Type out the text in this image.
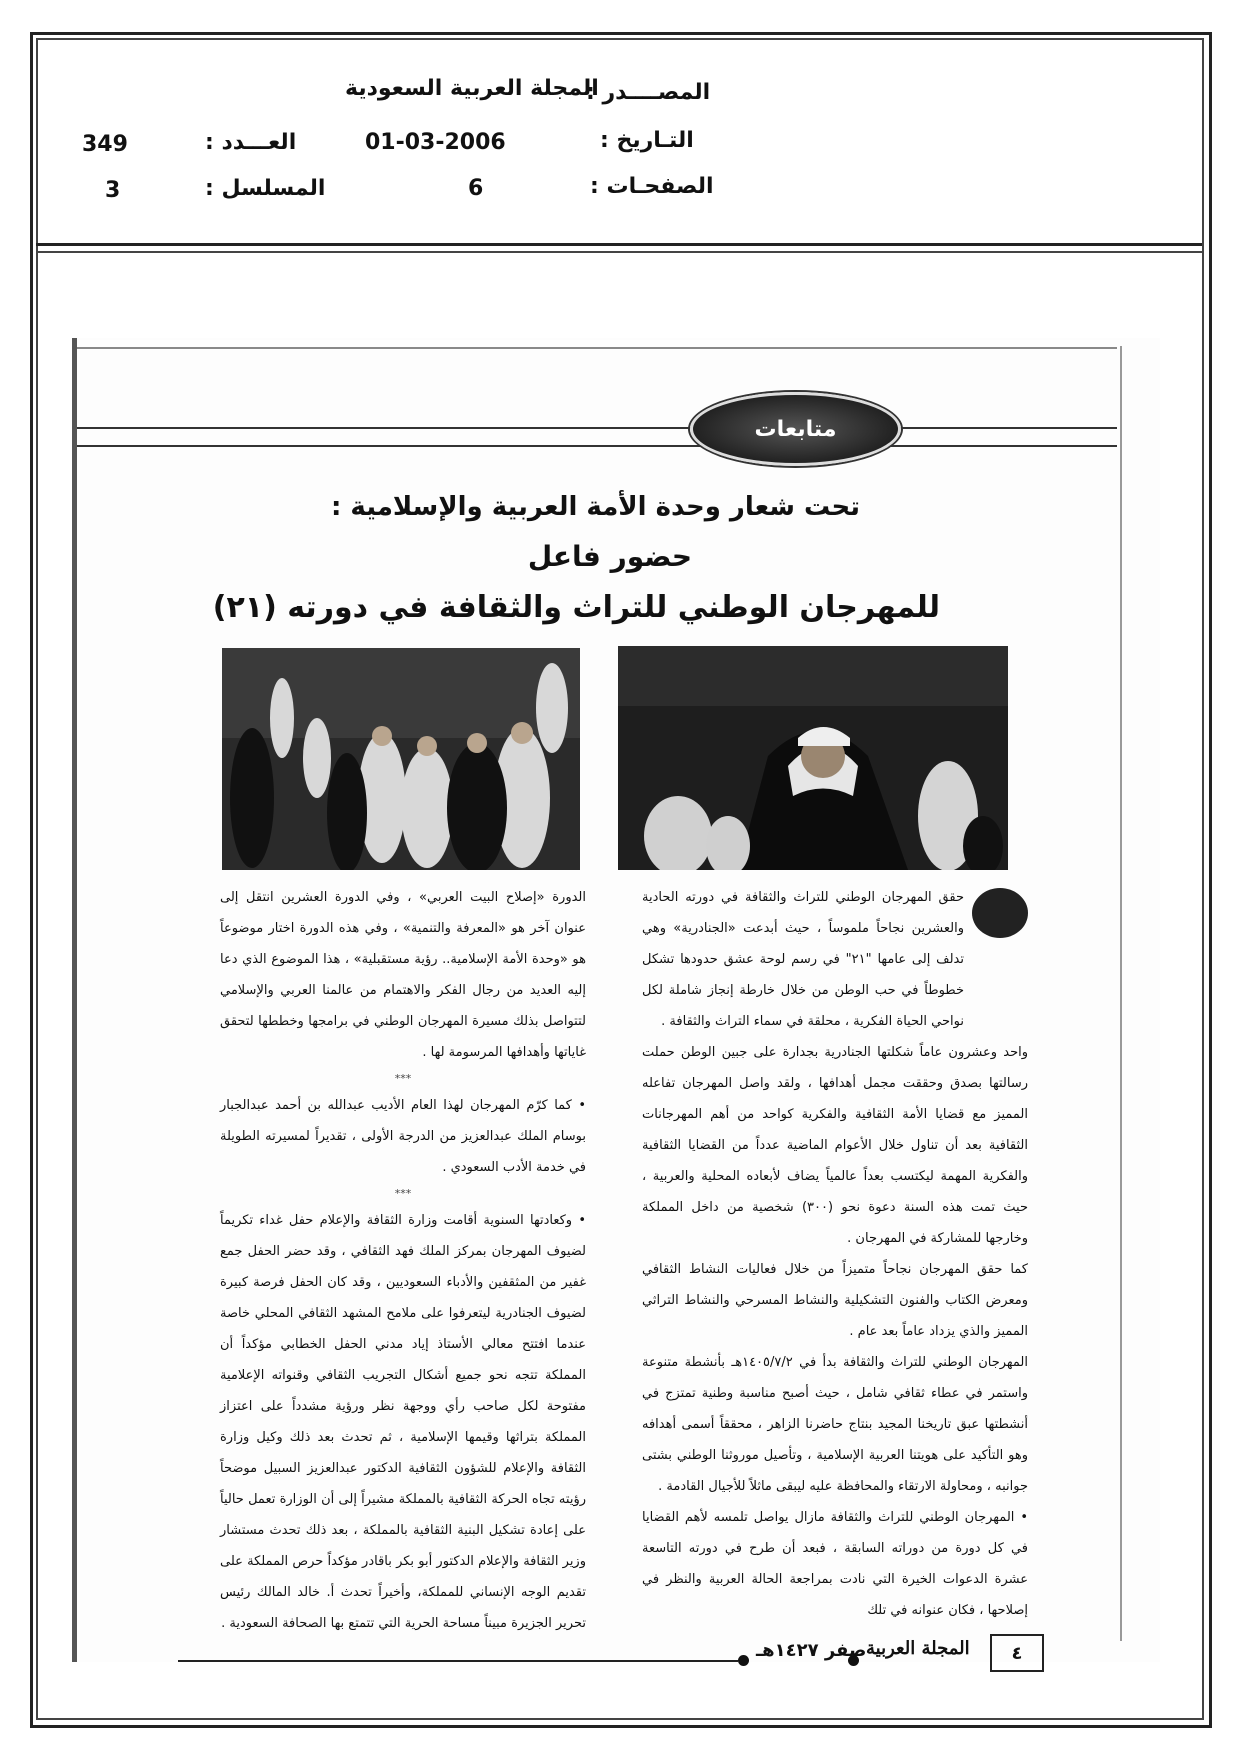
المصــــدر :
المجلة العربية السعودية
التـاريخ :
01-03-2006
الصفحـات :
6
العـــدد :
349
المسلسل :
3
متابعات
تحت شعار وحدة الأمة العربية والإسلامية :
حضور فاعل
للمهرجان الوطني للتراث والثقافة في دورته (٢١)

حقق المهرجان الوطني للتراث والثقافة في دورته الحادية والعشرين نجاحاً ملموساً ، حيث أبدعت «الجنادرية» وهي تدلف إلى عامها "٢١" في رسم لوحة عشق حدودها تشكل خطوطاً في حب الوطن من خلال خارطة إنجاز شاملة لكل نواحي الحياة الفكرية ، محلقة في سماء التراث والثقافة .

واحد وعشرون عاماً شكلتها الجنادرية بجدارة على جبين الوطن حملت رسالتها بصدق وحققت مجمل أهدافها ، ولقد واصل المهرجان تفاعله المميز مع قضايا الأمة الثقافية والفكرية كواحد من أهم المهرجانات الثقافية بعد أن تناول خلال الأعوام الماضية عدداً من القضايا الثقافية والفكرية المهمة ليكتسب بعداً عالمياً يضاف لأبعاده المحلية والعربية ، حيث تمت هذه السنة دعوة نحو (٣٠٠) شخصية من داخل المملكة وخارجها للمشاركة في المهرجان .

كما حقق المهرجان نجاحاً متميزاً من خلال فعاليات النشاط الثقافي ومعرض الكتاب والفنون التشكيلية والنشاط المسرحي والنشاط التراثي المميز والذي يزداد عاماً بعد عام .

المهرجان الوطني للتراث والثقافة بدأ في ١٤٠٥/٧/٢هـ بأنشطة متنوعة واستمر في عطاء ثقافي شامل ، حيث أصبح مناسبة وطنية تمتزج في أنشطتها عبق تاريخنا المجيد بنتاج حاضرنا الزاهر ، محققاً أسمى أهدافه وهو التأكيد على هويتنا العربية الإسلامية ، وتأصيل موروثنا الوطني بشتى جوانبه ، ومحاولة الارتقاء والمحافظة عليه ليبقى ماثلاً للأجيال القادمة .

• المهرجان الوطني للتراث والثقافة مازال يواصل تلمسه لأهم القضايا في كل دورة من دوراته السابقة ، فبعد أن طرح في دورته التاسعة عشرة الدعوات الخيرة التي نادت بمراجعة الحالة العربية والنظر في إصلاحها ، فكان عنوانه في تلك

الدورة «إصلاح البيت العربي» ، وفي الدورة العشرين انتقل إلى عنوان آخر هو «المعرفة والتنمية» ، وفي هذه الدورة اختار موضوعاً هو «وحدة الأمة الإسلامية.. رؤية مستقبلية» ، هذا الموضوع الذي دعا إليه العديد من رجال الفكر والاهتمام من عالمنا العربي والإسلامي لتتواصل بذلك مسيرة المهرجان الوطني في برامجها وخططها لتحقق غاياتها وأهدافها المرسومة لها .

***

• كما كرّم المهرجان لهذا العام الأديب عبدالله بن أحمد عبدالجبار بوسام الملك عبدالعزيز من الدرجة الأولى ، تقديراً لمسيرته الطويلة في خدمة الأدب السعودي .

***

• وكعادتها السنوية أقامت وزارة الثقافة والإعلام حفل غداء تكريماً لضيوف المهرجان بمركز الملك فهد الثقافي ، وقد حضر الحفل جمع غفير من المثقفين والأدباء السعوديين ، وقد كان الحفل فرصة كبيرة لضيوف الجنادرية ليتعرفوا على ملامح المشهد الثقافي المحلي خاصة عندما افتتح معالي الأستاذ إياد مدني الحفل الخطابي مؤكداً أن المملكة تتجه نحو جميع أشكال التجريب الثقافي وقنواته الإعلامية مفتوحة لكل صاحب رأي ووجهة نظر ورؤية مشدداً على اعتزاز المملكة بتراثها وقيمها الإسلامية ، ثم تحدث بعد ذلك وكيل وزارة الثقافة والإعلام للشؤون الثقافية الدكتور عبدالعزيز السبيل موضحاً رؤيته تجاه الحركة الثقافية بالمملكة مشيراً إلى أن الوزارة تعمل حالياً على إعادة تشكيل البنية الثقافية بالمملكة ، بعد ذلك تحدث مستشار وزير الثقافة والإعلام الدكتور أبو بكر باقادر مؤكداً حرص المملكة على تقديم الوجه الإنساني للمملكة، وأخيراً تحدث أ. خالد المالك رئيس تحرير الجزيرة مبيناً مساحة الحرية التي تتمتع بها الصحافة السعودية .

صفر ١٤٢٧هـ المجلة العربية	٤
